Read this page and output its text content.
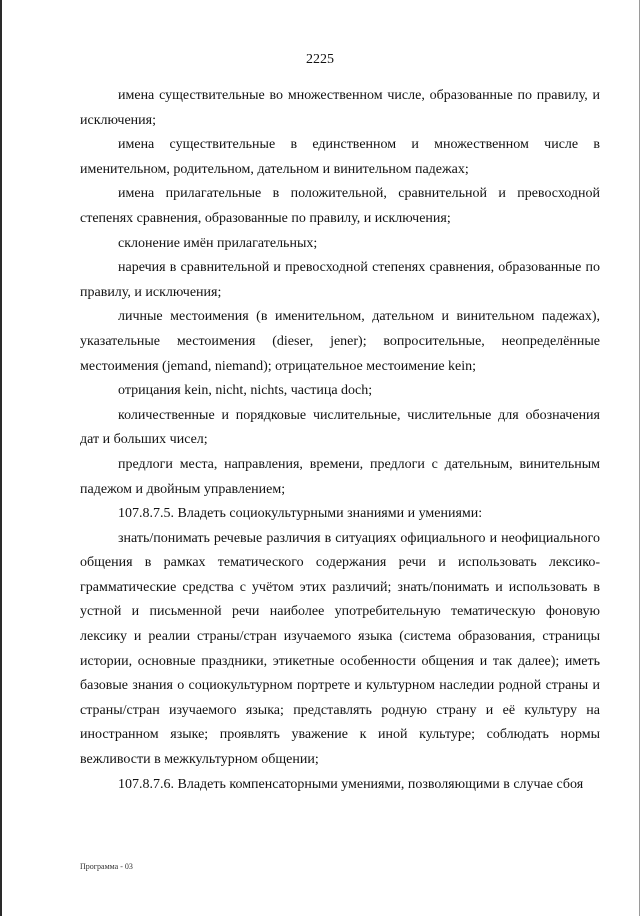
2225

имена существительные во множественном числе, образованные по правилу, и исключения;

имена существительные в единственном и множественном числе в именительном, родительном, дательном и винительном падежах;

имена прилагательные в положительной, сравнительной и превосходной степенях сравнения, образованные по правилу, и исключения;

склонение имён прилагательных;

наречия в сравнительной и превосходной степенях сравнения, образованные по правилу, и исключения;

личные местоимения (в именительном, дательном и винительном падежах), указательные местоимения (dieser, jener); вопросительные, неопределённые местоимения (jemand, niemand); отрицательное местоимение kein;

отрицания kein, nicht, nichts, частица doch;

количественные и порядковые числительные, числительные для обозначения дат и больших чисел;

предлоги места, направления, времени, предлоги с дательным, винительным падежом и двойным управлением;

107.8.7.5. Владеть социокультурными знаниями и умениями:

знать/понимать речевые различия в ситуациях официального и неофициального общения в рамках тематического содержания речи и использовать лексико-грамматические средства с учётом этих различий; знать/понимать и использовать в устной и письменной речи наиболее употребительную тематическую фоновую лексику и реалии страны/стран изучаемого языка (система образования, страницы истории, основные праздники, этикетные особенности общения и так далее); иметь базовые знания о социокультурном портрете и культурном наследии родной страны и страны/стран изучаемого языка; представлять родную страну и её культуру на иностранном языке; проявлять уважение к иной культуре; соблюдать нормы вежливости в межкультурном общении;

107.8.7.6. Владеть компенсаторными умениями, позволяющими в случае сбоя

Программа - 03
